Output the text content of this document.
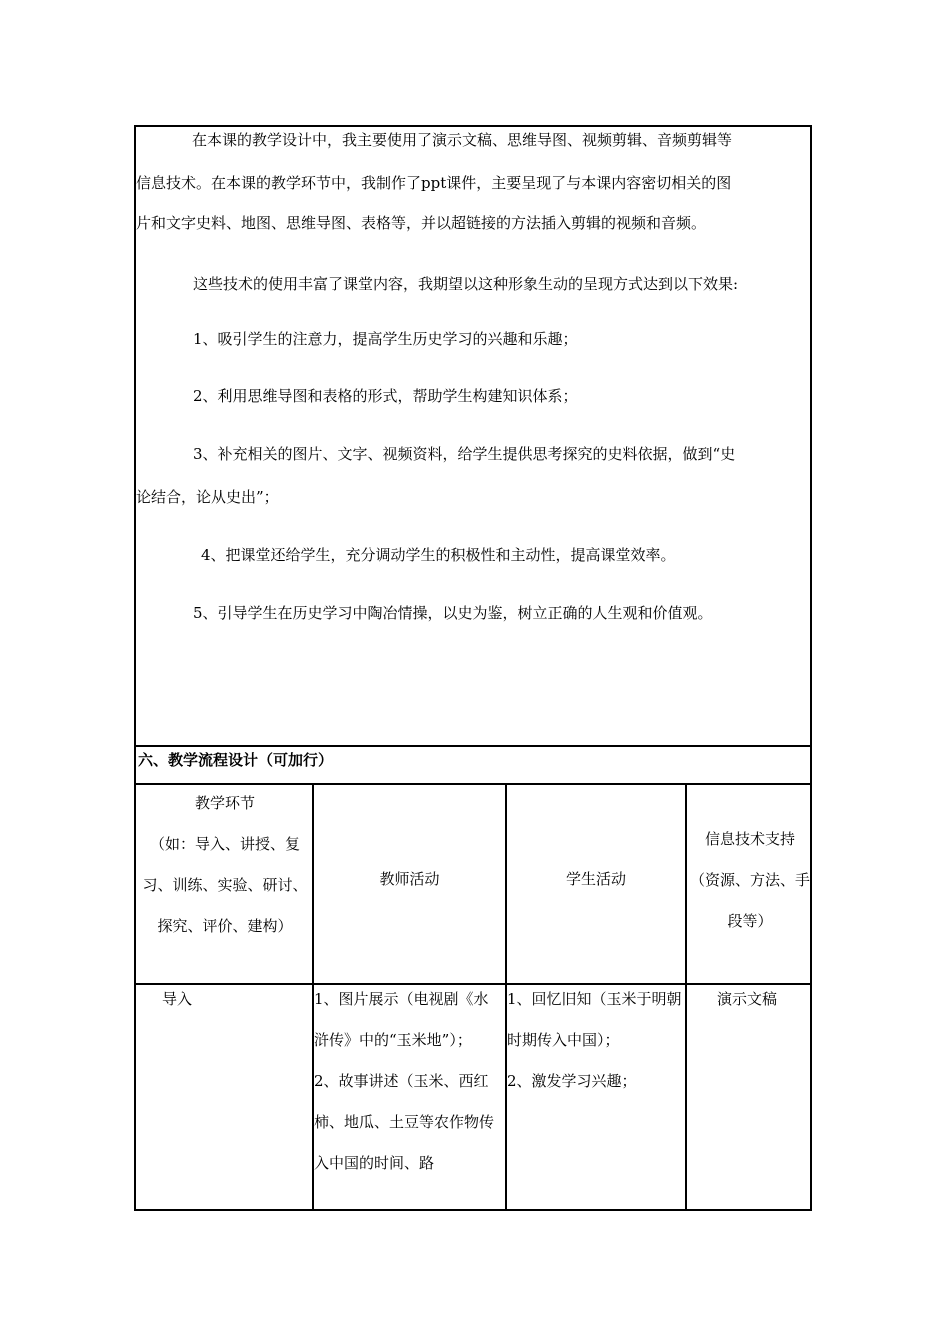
在本课的教学设计中，我主要使用了演示文稿、思维导图、视频剪辑、音频剪辑等

信息技术。在本课的教学环节中，我制作了ppt课件，主要呈现了与本课内容密切相关的图

片和文字史料、地图、思维导图、表格等，并以超链接的方法插入剪辑的视频和音频。

这些技术的使用丰富了课堂内容，我期望以这种形象生动的呈现方式达到以下效果:

1、吸引学生的注意力，提高学生历史学习的兴趣和乐趣；

2、利用思维导图和表格的形式，帮助学生构建知识体系；

3、补充相关的图片、文字、视频资料，给学生提供思考探究的史料依据，做到“史

论结合，论从史出”；

4、把课堂还给学生，充分调动学生的积极性和主动性，提高课堂效率。

5、引导学生在历史学习中陶冶情操，以史为鉴，树立正确的人生观和价值观。

六、教学流程设计（可加行）
教学环节
（如：导入、讲授、复习、训练、实验、研讨、探究、评价、建构）
教师活动	学生活动
信息技术支持
（资源、方法、手段等）
导入	1、图片展示（电视剧《水浒传》中的“玉米地”）；
2、故事讲述（玉米、西红柿、地瓜、土豆等农作物传入中国的时间、路
1、回忆旧知（玉米于明朝时期传入中国）；
2、激发学习兴趣；
演示文稿
